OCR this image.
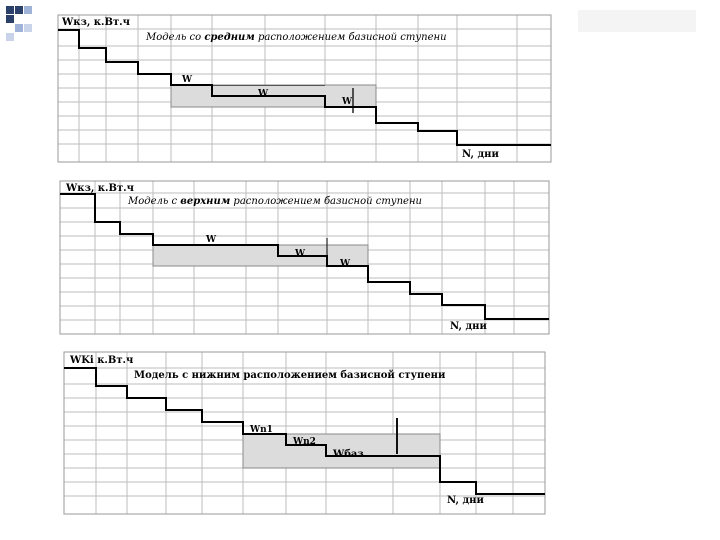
Wкз, к.Вт.ч
Модель со средним расположением базисной ступени
W
W
W
N, дни
Wкз, к.Вт.ч
Модель с верхним расположением базисной ступени
W
W
W
N, дни
WKi к.Вт.ч
Модель с нижним расположением базисной ступени
Wn1
Wn2
Wбаз
N, дни
